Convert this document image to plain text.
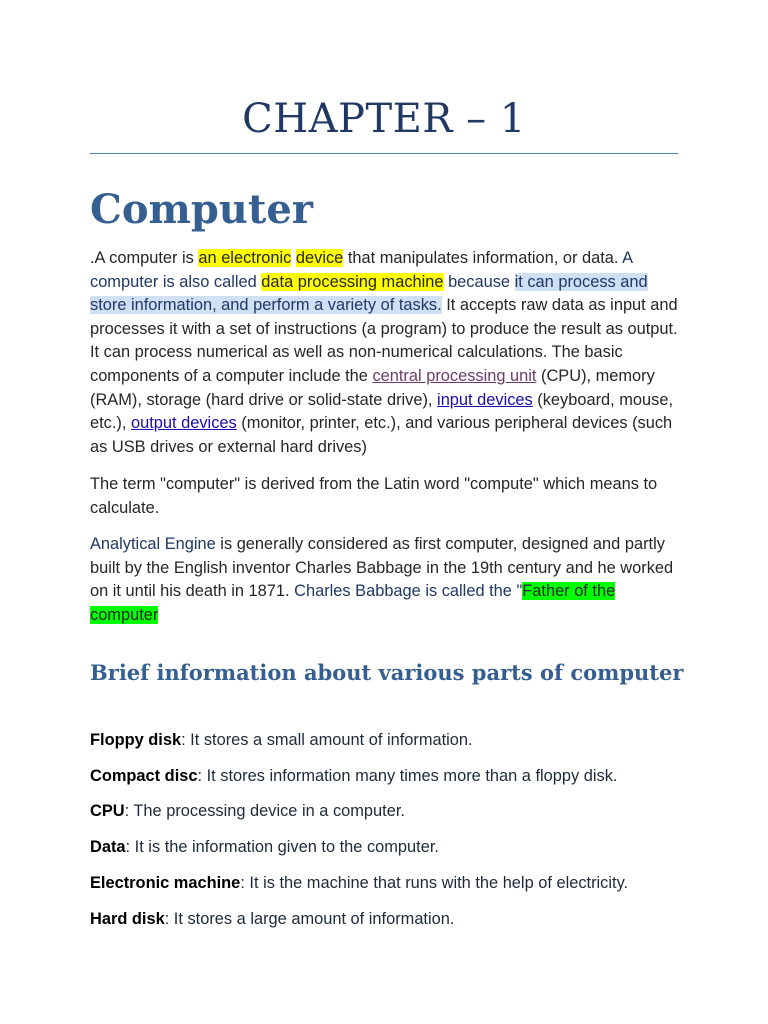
CHAPTER – 1
Computer
.A computer is an electronic device that manipulates information, or data. A computer is also called data processing machine because it can process and store information, and perform a variety of tasks. It accepts raw data as input and processes it with a set of instructions (a program) to produce the result as output. It can process numerical as well as non-numerical calculations. The basic components of a computer include the central processing unit (CPU), memory (RAM), storage (hard drive or solid-state drive), input devices (keyboard, mouse, etc.), output devices (monitor, printer, etc.), and various peripheral devices (such as USB drives or external hard drives)
The term "computer" is derived from the Latin word "compute" which means to calculate.
Analytical Engine is generally considered as first computer, designed and partly built by the English inventor Charles Babbage in the 19th century and he worked on it until his death in 1871. Charles Babbage is called the "Father of the computer
Brief information about various parts of computer
Floppy disk: It stores a small amount of information.
Compact disc: It stores information many times more than a floppy disk.
CPU: The processing device in a computer.
Data: It is the information given to the computer.
Electronic machine: It is the machine that runs with the help of electricity.
Hard disk: It stores a large amount of information.
